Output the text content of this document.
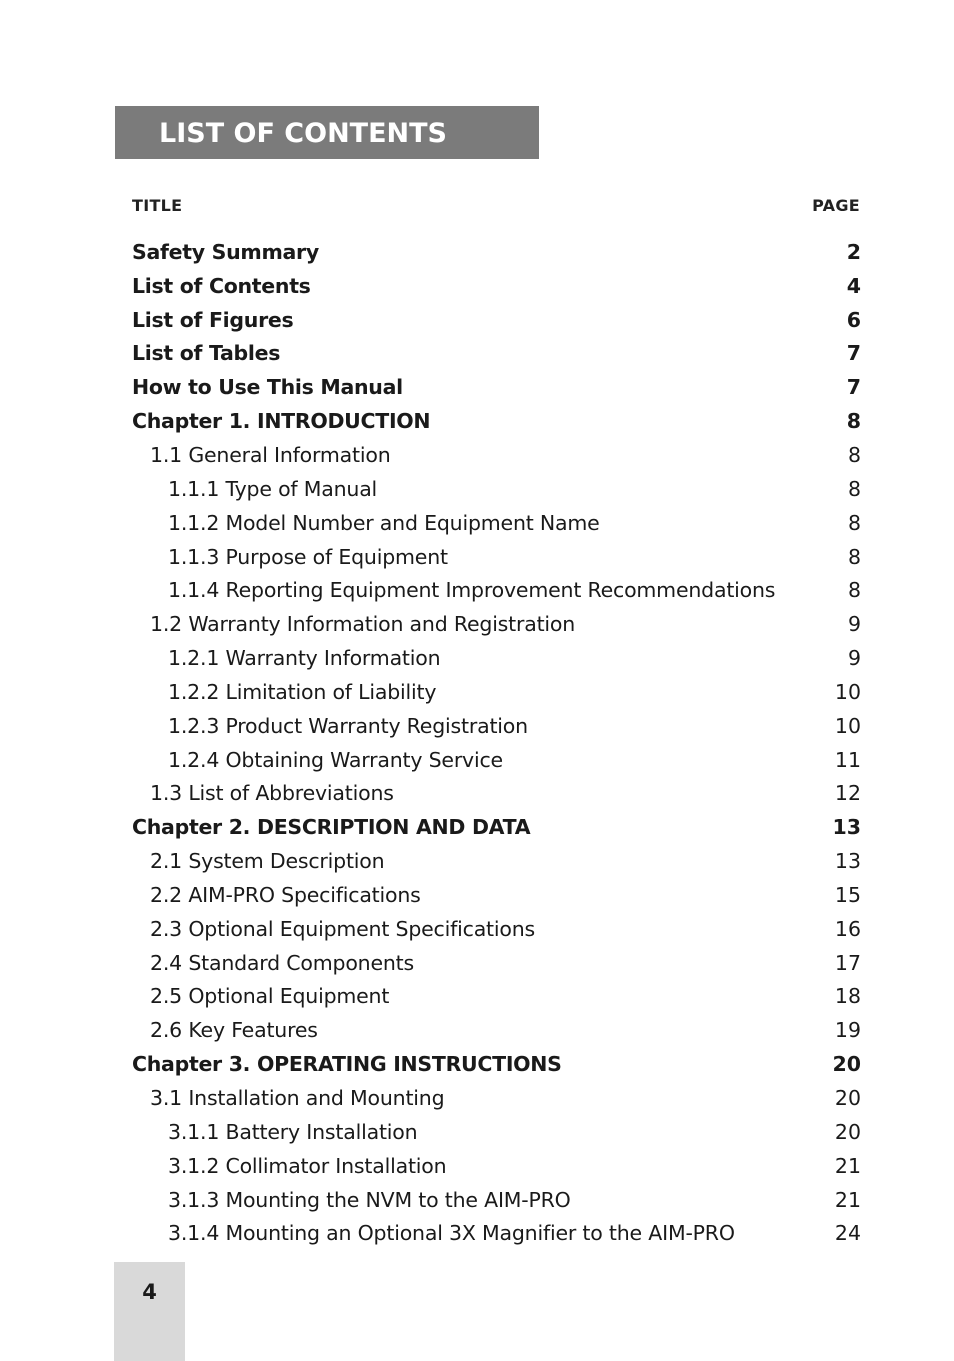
LIST OF CONTENTS
TITLE	PAGE
Safety Summary	2
List of Contents	4
List of Figures	6
List of Tables	7
How to Use This Manual	7
Chapter 1. INTRODUCTION	8
1.1 General Information	8
1.1.1 Type of Manual	8
1.1.2 Model Number and Equipment Name	8
1.1.3 Purpose of Equipment	8
1.1.4 Reporting Equipment Improvement Recommendations	8
1.2 Warranty Information and Registration	9
1.2.1 Warranty Information	9
1.2.2 Limitation of Liability	10
1.2.3 Product Warranty Registration	10
1.2.4 Obtaining Warranty Service	11
1.3 List of Abbreviations	12
Chapter 2. DESCRIPTION AND DATA	13
2.1 System Description	13
2.2 AIM-PRO Specifications	15
2.3 Optional Equipment Specifications	16
2.4 Standard Components	17
2.5 Optional Equipment	18
2.6 Key Features	19
Chapter 3. OPERATING INSTRUCTIONS	20
3.1 Installation and Mounting	20
3.1.1 Battery Installation	20
3.1.2 Collimator Installation	21
3.1.3 Mounting the NVM to the AIM-PRO	21
3.1.4 Mounting an Optional 3X Magnifier to the AIM-PRO	24
4
